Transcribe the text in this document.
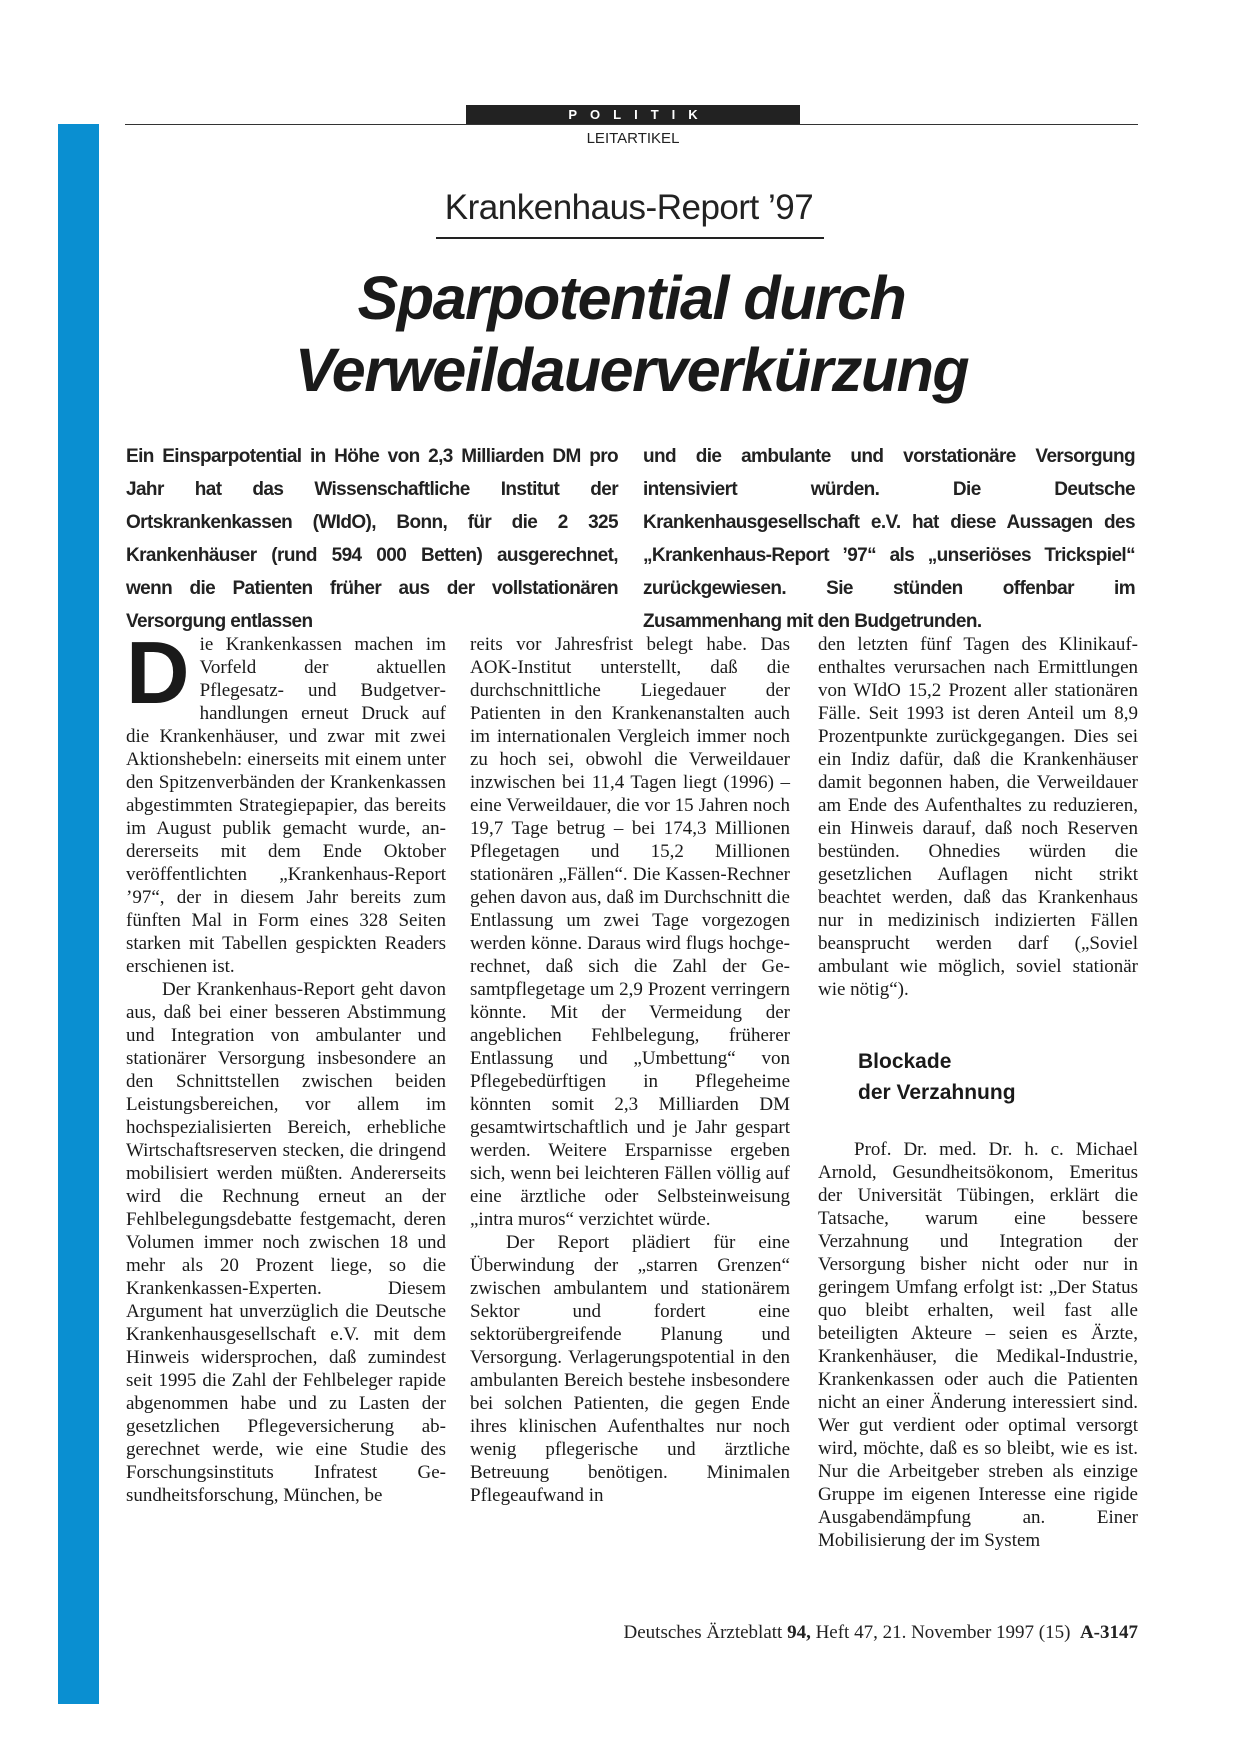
POLITIK
LEITARTIKEL
Krankenhaus-Report ’97
Sparpotential durch
Verweildauerverkürzung
Ein Einsparpotential in Höhe von 2,3 Milliarden DM pro Jahr hat das Wissenschaftliche Institut der Ortskrankenkassen (WIdO), Bonn, für die 2 325 Krankenhäuser (rund 594 000 Betten) ausgerechnet, wenn die Patienten früher aus der vollstationären Versorgung entlassen
und die ambulante und vorstationäre Versorgung intensiviert würden. Die Deutsche Krankenhausgesellschaft e.V. hat diese Aussagen des „Krankenhaus-Report ’97“ als „unseriöses Trickspiel“ zurückgewiesen. Sie stünden offenbar im Zusammenhang mit den Budgetrunden.

Die Krankenkassen machen im Vorfeld der aktuellen Pflegesatz- und Budgetverhandlungen erneut Druck auf die Krankenhäuser, und zwar mit zwei Aktionshebeln: einerseits mit einem unter den Spitzenverbänden der Krankenkassen abgestimmten Strategiepapier, das bereits im August publik gemacht wurde, andererseits mit dem Ende Oktober veröffentlichten „Krankenhaus-Report ’97“, der in diesem Jahr bereits zum fünften Mal in Form eines 328 Seiten starken mit Tabellen gespickten Readers erschienen ist.

Der Krankenhaus-Report geht davon aus, daß bei einer besseren Abstimmung und Integration von ambulanter und stationärer Versorgung insbesondere an den Schnittstellen zwischen beiden Leistungsbereichen, vor allem im hochspezialisierten Bereich, erhebliche Wirtschaftsreserven stecken, die dringend mobilisiert werden müßten. Andererseits wird die Rechnung erneut an der Fehlbelegungsdebatte festgemacht, deren Volumen immer noch zwischen 18 und mehr als 20 Prozent liege, so die Krankenkassen-Experten. Diesem Argument hat unverzüglich die Deutsche Krankenhausgesellschaft e.V. mit dem Hinweis widersprochen, daß zumindest seit 1995 die Zahl der Fehlbeleger rapide abgenommen habe und zu Lasten der gesetzlichen Pflegeversicherung abgerechnet werde, wie eine Studie des Forschungsinstituts Infratest Gesundheitsforschung, München, be

reits vor Jahresfrist belegt habe. Das AOK-Institut unterstellt, daß die durchschnittliche Liegedauer der Patienten in den Krankenanstalten auch im internationalen Vergleich immer noch zu hoch sei, obwohl die Verweildauer inzwischen bei 11,4 Tagen liegt (1996) – eine Verweildauer, die vor 15 Jahren noch 19,7 Tage betrug – bei 174,3 Millionen Pflegetagen und 15,2 Millionen stationären „Fällen“. Die Kassen-Rechner gehen davon aus, daß im Durchschnitt die Entlassung um zwei Tage vorgezogen werden könne. Daraus wird flugs hochgerechnet, daß sich die Zahl der Gesamtpflegetage um 2,9 Prozent verringern könnte. Mit der Vermeidung der angeblichen Fehlbelegung, früherer Entlassung und „Umbettung“ von Pflegebedürftigen in Pflegeheime könnten somit 2,3 Milliarden DM gesamtwirtschaftlich und je Jahr gespart werden. Weitere Ersparnisse ergeben sich, wenn bei leichteren Fällen völlig auf eine ärztliche oder Selbsteinweisung „intra muros“ verzichtet würde.

Der Report plädiert für eine Überwindung der „starren Grenzen“ zwischen ambulantem und stationärem Sektor und fordert eine sektorübergreifende Planung und Versorgung. Verlagerungspotential in den ambulanten Bereich bestehe insbesondere bei solchen Patienten, die gegen Ende ihres klinischen Aufenthaltes nur noch wenig pflegerische und ärztliche Betreuung benötigen. Minimalen Pflegeaufwand in

den letzten fünf Tagen des Klinikaufenthaltes verursachen nach Ermittlungen von WIdO 15,2 Prozent aller stationären Fälle. Seit 1993 ist deren Anteil um 8,9 Prozentpunkte zurückgegangen. Dies sei ein Indiz dafür, daß die Krankenhäuser damit begonnen haben, die Verweildauer am Ende des Aufenthaltes zu reduzieren, ein Hinweis darauf, daß noch Reserven bestünden. Ohnedies würden die gesetzlichen Auflagen nicht strikt beachtet werden, daß das Krankenhaus nur in medizinisch indizierten Fällen beansprucht werden darf („Soviel ambulant wie möglich, soviel stationär wie nötig“).

Blockade
der Verzahnung

Prof. Dr. med. Dr. h. c. Michael Arnold, Gesundheitsökonom, Emeritus der Universität Tübingen, erklärt die Tatsache, warum eine bessere Verzahnung und Integration der Versorgung bisher nicht oder nur in geringem Umfang erfolgt ist: „Der Status quo bleibt erhalten, weil fast alle beteiligten Akteure – seien es Ärzte, Krankenhäuser, die Medikal-Industrie, Krankenkassen oder auch die Patienten nicht an einer Änderung interessiert sind. Wer gut verdient oder optimal versorgt wird, möchte, daß es so bleibt, wie es ist. Nur die Arbeitgeber streben als einzige Gruppe im eigenen Interesse eine rigide Ausgabendämpfung an. Einer Mobilisierung der im System

Deutsches Ärzteblatt 94, Heft 47, 21. November 1997 (15) A-3147
